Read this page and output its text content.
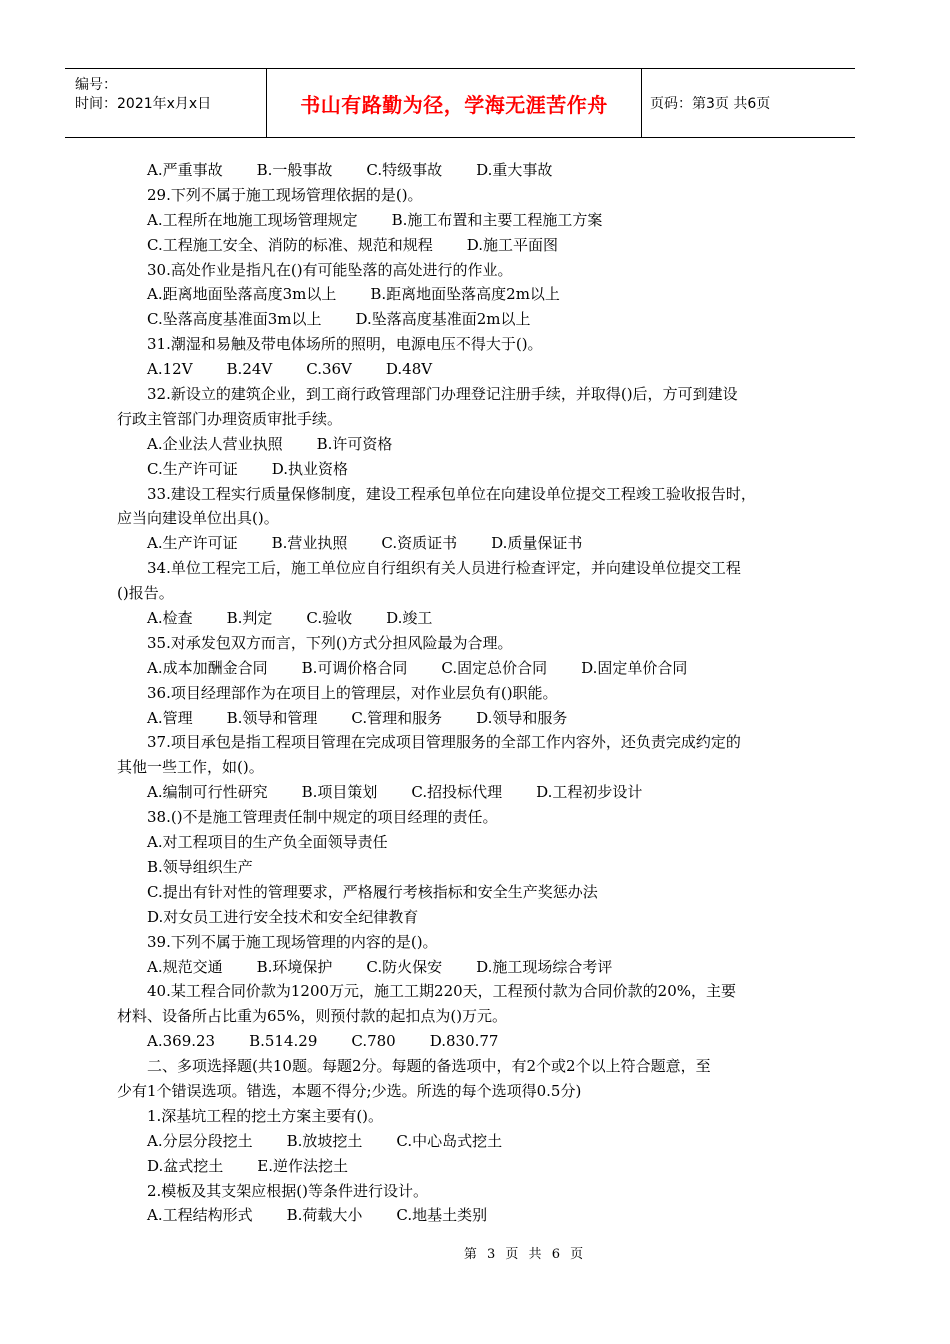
编号：
时间：2021年x月x日	书山有路勤为径，学海无涯苦作舟	页码：第3页 共6页
A.严重事故 B.一般事故 C.特级事故 D.重大事故
29.下列不属于施工现场管理依据的是()。
A.工程所在地施工现场管理规定 B.施工布置和主要工程施工方案
C.工程施工安全、消防的标准、规范和规程 D.施工平面图
30.高处作业是指凡在()有可能坠落的高处进行的作业。
A.距离地面坠落高度3m以上 B.距离地面坠落高度2m以上
C.坠落高度基准面3m以上 D.坠落高度基准面2m以上
31.潮湿和易触及带电体场所的照明，电源电压不得大于()。
A.12V B.24V C.36V D.48V
32.新设立的建筑企业，到工商行政管理部门办理登记注册手续，并取得()后，方可到建设
行政主管部门办理资质审批手续。
A.企业法人营业执照 B.许可资格
C.生产许可证 D.执业资格
33.建设工程实行质量保修制度，建设工程承包单位在向建设单位提交工程竣工验收报告时，
应当向建设单位出具()。
A.生产许可证 B.营业执照 C.资质证书 D.质量保证书
34.单位工程完工后，施工单位应自行组织有关人员进行检查评定，并向建设单位提交工程
()报告。
A.检查 B.判定 C.验收 D.竣工
35.对承发包双方而言，下列()方式分担风险最为合理。
A.成本加酬金合同 B.可调价格合同 C.固定总价合同 D.固定单价合同
36.项目经理部作为在项目上的管理层，对作业层负有()职能。
A.管理 B.领导和管理 C.管理和服务 D.领导和服务
37.项目承包是指工程项目管理在完成项目管理服务的全部工作内容外，还负责完成约定的
其他一些工作，如()。
A.编制可行性研究 B.项目策划 C.招投标代理 D.工程初步设计
38.()不是施工管理责任制中规定的项目经理的责任。
A.对工程项目的生产负全面领导责任
B.领导组织生产
C.提出有针对性的管理要求，严格履行考核指标和安全生产奖惩办法
D.对女员工进行安全技术和安全纪律教育
39.下列不属于施工现场管理的内容的是()。
A.规范交通 B.环境保护 C.防火保安 D.施工现场综合考评
40.某工程合同价款为1200万元，施工工期220天，工程预付款为合同价款的20%，主要
材料、设备所占比重为65%，则预付款的起扣点为()万元。
A.369.23 B.514.29 C.780 D.830.77
二、多项选择题(共10题。每题2分。每题的备选项中，有2个或2个以上符合题意，至
少有1个错误选项。错选，本题不得分;少选。所选的每个选项得0.5分)
1.深基坑工程的挖土方案主要有()。
A.分层分段挖土 B.放坡挖土 C.中心岛式挖土
D.盆式挖土 E.逆作法挖土
2.模板及其支架应根据()等条件进行设计。
A.工程结构形式 B.荷载大小 C.地基土类别
第 3 页 共 6 页
